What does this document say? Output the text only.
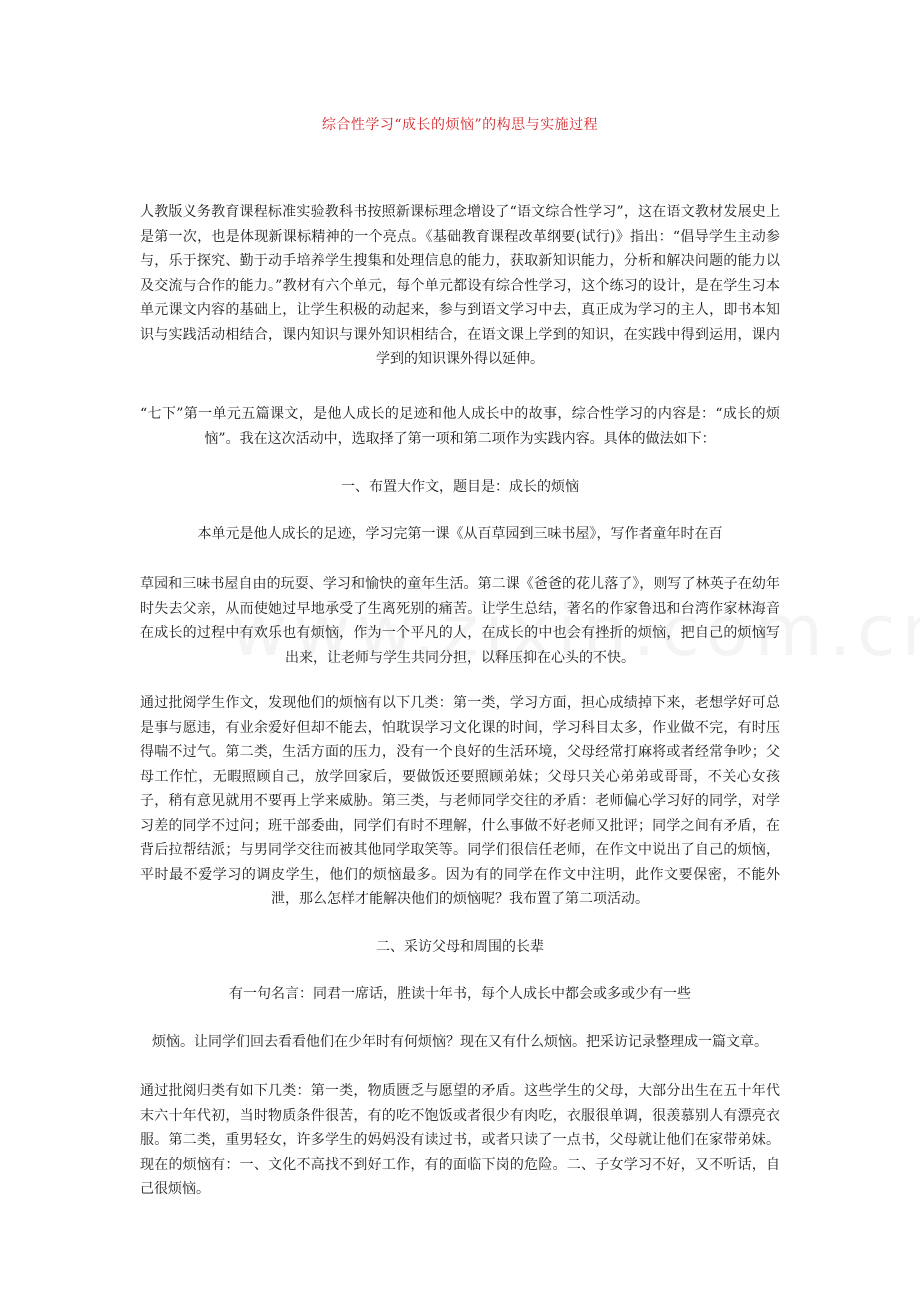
综合性学习“成长的烦恼”的构思与实施过程

人教版义务教育课程标准实验教科书按照新课标理念增设了“语文综合性学习”，这在语文教材发展史上是第一次，也是体现新课标精神的一个亮点。《基础教育课程改革纲要(试行)》指出：“倡导学生主动参与，乐于探究、勤于动手培养学生搜集和处理信息的能力，获取新知识能力，分析和解决问题的能力以及交流与合作的能力。”教材有六个单元，每个单元都设有综合性学习，这个练习的设计，是在学生习本单元课文内容的基础上，让学生积极的动起来，参与到语文学习中去，真正成为学习的主人，即书本知识与实践活动相结合，课内知识与课外知识相结合，在语文课上学到的知识，在实践中得到运用，课内学到的知识课外得以延伸。

“七下”第一单元五篇课文，是他人成长的足迹和他人成长中的故事，综合性学习的内容是：“成长的烦恼”。我在这次活动中，选取择了第一项和第二项作为实践内容。具体的做法如下：

一、布置大作文，题目是：成长的烦恼

本单元是他人成长的足迹，学习完第一课《从百草园到三味书屋》，写作者童年时在百

草园和三味书屋自由的玩耍、学习和愉快的童年生活。第二课《爸爸的花儿落了》，则写了林英子在幼年时失去父亲，从而使她过早地承受了生离死别的痛苦。让学生总结，著名的作家鲁迅和台湾作家林海音在成长的过程中有欢乐也有烦恼，作为一个平凡的人，在成长的中也会有挫折的烦恼，把自己的烦恼写出来，让老师与学生共同分担，以释压抑在心头的不快。

通过批阅学生作文，发现他们的烦恼有以下几类：第一类，学习方面，担心成绩掉下来，老想学好可总是事与愿违，有业余爱好但却不能去，怕耽误学习文化课的时间，学习科目太多，作业做不完，有时压得喘不过气。第二类，生活方面的压力，没有一个良好的生活环境，父母经常打麻将或者经常争吵；父母工作忙，无暇照顾自己，放学回家后，要做饭还要照顾弟妹；父母只关心弟弟或哥哥，不关心女孩子，稍有意见就用不要再上学来威胁。第三类，与老师同学交往的矛盾：老师偏心学习好的同学，对学习差的同学不过问；班干部委曲，同学们有时不理解，什么事做不好老师又批评；同学之间有矛盾，在背后拉帮结派；与男同学交往而被其他同学取笑等。同学们很信任老师，在作文中说出了自己的烦恼，平时最不爱学习的调皮学生，他们的烦恼最多。因为有的同学在作文中注明，此作文要保密，不能外泄，那么怎样才能解决他们的烦恼呢？我布置了第二项活动。

二、采访父母和周围的长辈

有一句名言：同君一席话，胜读十年书，每个人成长中都会或多或少有一些

烦恼。让同学们回去看看他们在少年时有何烦恼？现在又有什么烦恼。把采访记录整理成一篇文章。

通过批阅归类有如下几类：第一类，物质匮乏与愿望的矛盾。这些学生的父母，大部分出生在五十年代末六十年代初，当时物质条件很苦，有的吃不饱饭或者很少有肉吃，衣服很单调，很羡慕别人有漂亮衣服。第二类，重男轻女，许多学生的妈妈没有读过书，或者只读了一点书，父母就让他们在家带弟妹。现在的烦恼有：一、文化不高找不到好工作，有的面临下岗的危险。二、子女学习不好，又不听话，自己很烦恼。
